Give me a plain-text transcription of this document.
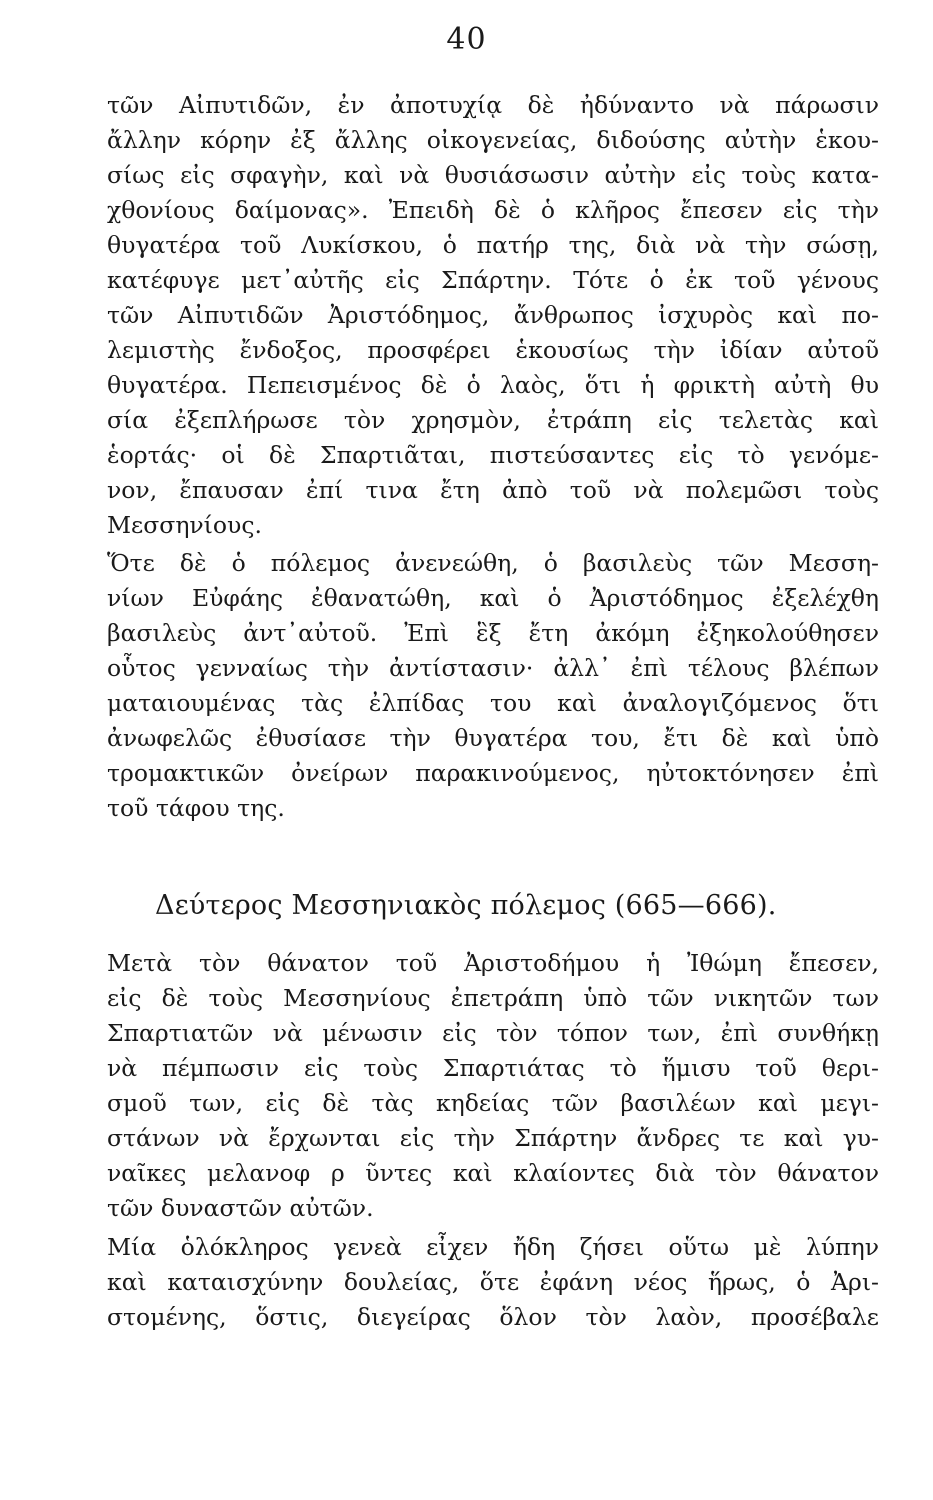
40
τῶν Αἰπυτιδῶν, ἐν ἀποτυχίᾳ δὲ ἠδύναντο νὰ πάρωσιν
ἄλλην κόρην ἐξ ἄλλης οἰκογενείας, διδούσης αὐτὴν ἑκου-
σίως εἰς σφαγὴν, καὶ νὰ θυσιάσωσιν αὐτὴν εἰς τοὺς κατα-
χθονίους δαίμονας». Ἐπειδὴ δὲ ὁ κλῆρος ἔπεσεν εἰς τὴν
θυγατέρα τοῦ Λυκίσκου, ὁ πατήρ της, διὰ νὰ τὴν σώσῃ,
κατέφυγε μετ᾽αὐτῆς εἰς Σπάρτην. Τότε ὁ ἐκ τοῦ γένους
τῶν Αἰπυτιδῶν Ἀριστόδημος, ἄνθρωπος ἰσχυρὸς καὶ πο-
λεμιστὴς ἔνδοξος, προσφέρει ἑκουσίως τὴν ἰδίαν αὐτοῦ
θυγατέρα. Πεπεισμένος δὲ ὁ λαὸς, ὅτι ἡ φρικτὴ αὐτὴ θυ
σία ἐξεπλήρωσε τὸν χρησμὸν, ἐτράπη εἰς τελετὰς καὶ
ἑορτάς· οἱ δὲ Σπαρτιᾶται, πιστεύσαντες εἰς τὸ γενόμε-
νον, ἔπαυσαν ἐπί τινα ἔτη ἀπὸ τοῦ νὰ πολεμῶσι τοὺς
Μεσσηνίους.
Ὅτε δὲ ὁ πόλεμος ἀνενεώθη, ὁ βασιλεὺς τῶν Μεσση-
νίων Εὐφάης ἐθανατώθη, καὶ ὁ Ἀριστόδημος ἐξελέχθη
βασιλεὺς ἀντ᾽αὐτοῦ. Ἐπὶ ἓξ ἔτη ἀκόμη ἐξηκολούθησεν
οὗτος γενναίως τὴν ἀντίστασιν· ἀλλ᾽ ἐπὶ τέλους βλέπων
ματαιουμένας τὰς ἐλπίδας του καὶ ἀναλογιζόμενος ὅτι
ἀνωφελῶς ἐθυσίασε τὴν θυγατέρα του, ἔτι δὲ καὶ ὑπὸ
τρομακτικῶν ὀνείρων παρακινούμενος, ηὐτοκτόνησεν ἐπὶ
τοῦ τάφου της.
Δεύτερος Μεσσηνιακὸς πόλεμος (665—666).
Μετὰ τὸν θάνατον τοῦ Ἀριστοδήμου ἡ Ἰθώμη ἔπεσεν,
εἰς δὲ τοὺς Μεσσηνίους ἐπετράπη ὑπὸ τῶν νικητῶν των
Σπαρτιατῶν νὰ μένωσιν εἰς τὸν τόπον των, ἐπὶ συνθήκῃ
νὰ πέμπωσιν εἰς τοὺς Σπαρτιάτας τὸ ἥμισυ τοῦ θερι-
σμοῦ των, εἰς δὲ τὰς κηδείας τῶν βασιλέων καὶ μεγι-
στάνων νὰ ἔρχωνται εἰς τὴν Σπάρτην ἄνδρες τε καὶ γυ-
ναῖκες μελανοφ ρ ῦντες καὶ κλαίοντες διὰ τὸν θάνατον
τῶν δυναστῶν αὐτῶν.
Μία ὁλόκληρος γενεὰ εἶχεν ἤδη ζήσει οὕτω μὲ λύπην
καὶ καταισχύνην δουλείας, ὅτε ἐφάνη νέος ἥρως, ὁ Ἀρι-
στομένης, ὅστις, διεγείρας ὅλον τὸν λαὸν, προσέβαλε
